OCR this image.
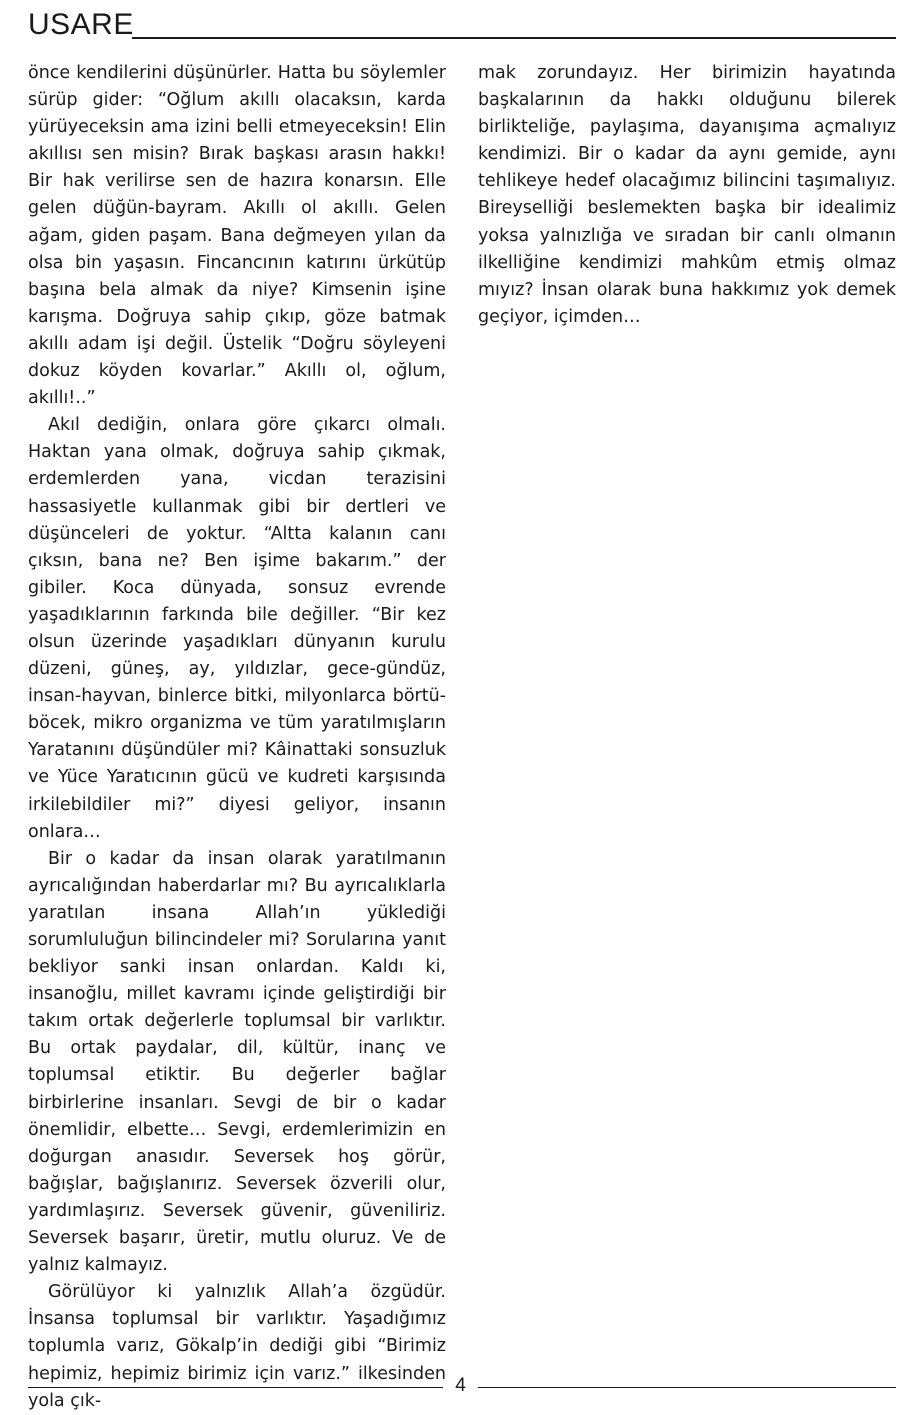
USARE

önce kendilerini düşünürler. Hatta bu söylemler sürüp gider: “Oğlum akıllı olacaksın, karda yürüyeceksin ama izini belli etmeyeceksin! Elin akıllısı sen misin? Bırak başkası arasın hakkı! Bir hak verilirse sen de hazıra konarsın. Elle gelen düğün-bayram. Akıllı ol akıllı. Gelen ağam, giden paşam. Bana değmeyen yılan da olsa bin yaşasın. Fincancının katırını ürkütüp başına bela almak da niye? Kimsenin işine karışma. Doğruya sahip çıkıp, göze batmak akıllı adam işi değil. Üstelik “Doğru söyleyeni dokuz köyden kovarlar.” Akıllı ol, oğlum, akıllı!..”

Akıl dediğin, onlara göre çıkarcı olmalı. Haktan yana olmak, doğruya sahip çıkmak, erdemlerden yana, vicdan terazisini hassasiyetle kullanmak gibi bir dertleri ve düşünceleri de yoktur. “Altta kalanın canı çıksın, bana ne? Ben işime bakarım.” der gibiler. Koca dünyada, sonsuz evrende yaşadıklarının farkında bile değiller. “Bir kez olsun üzerinde yaşadıkları dünyanın kurulu düzeni, güneş, ay, yıldızlar, gece-gündüz, insan-hayvan, binlerce bitki, milyonlarca börtü-böcek, mikro organizma ve tüm yaratılmışların Yaratanını düşündüler mi? Kâinattaki sonsuzluk ve Yüce Yaratıcının gücü ve kudreti karşısında irkilebildiler mi?” diyesi geliyor, insanın onlara…

Bir o kadar da insan olarak yaratılmanın ayrıcalığından haberdarlar mı? Bu ayrıcalıklarla yaratılan insana Allah’ın yüklediği sorumluluğun bilincindeler mi? Sorularına yanıt bekliyor sanki insan onlardan. Kaldı ki, insanoğlu, millet kavramı içinde geliştirdiği bir takım ortak değerlerle toplumsal bir varlıktır. Bu ortak paydalar, dil, kültür, inanç ve toplumsal etiktir. Bu değerler bağlar birbirlerine insanları. Sevgi de bir o kadar önemlidir, elbette… Sevgi, erdemlerimizin en doğurgan anasıdır. Seversek hoş görür, bağışlar, bağışlanırız. Seversek özverili olur, yardımlaşırız. Seversek güvenir, güveniliriz. Seversek başarır, üretir, mutlu oluruz. Ve de yalnız kalmayız.

Görülüyor ki yalnızlık Allah’a özgüdür. İnsansa toplumsal bir varlıktır. Yaşadığımız toplumla varız, Gökalp’in dediği gibi “Birimiz hepimiz, hepimiz birimiz için varız.” ilkesinden yola çık-

mak zorundayız. Her birimizin hayatında başkalarının da hakkı olduğunu bilerek birlikteliğe, paylaşıma, dayanışıma açmalıyız kendimizi. Bir o kadar da aynı gemide, aynı tehlikeye hedef olacağımız bilincini taşımalıyız. Bireyselliği beslemekten başka bir idealimiz yoksa yalnızlığa ve sıradan bir canlı olmanın ilkelliğine kendimizi mahkûm etmiş olmaz mıyız? İnsan olarak buna hakkımız yok demek geçiyor, içimden…

4
